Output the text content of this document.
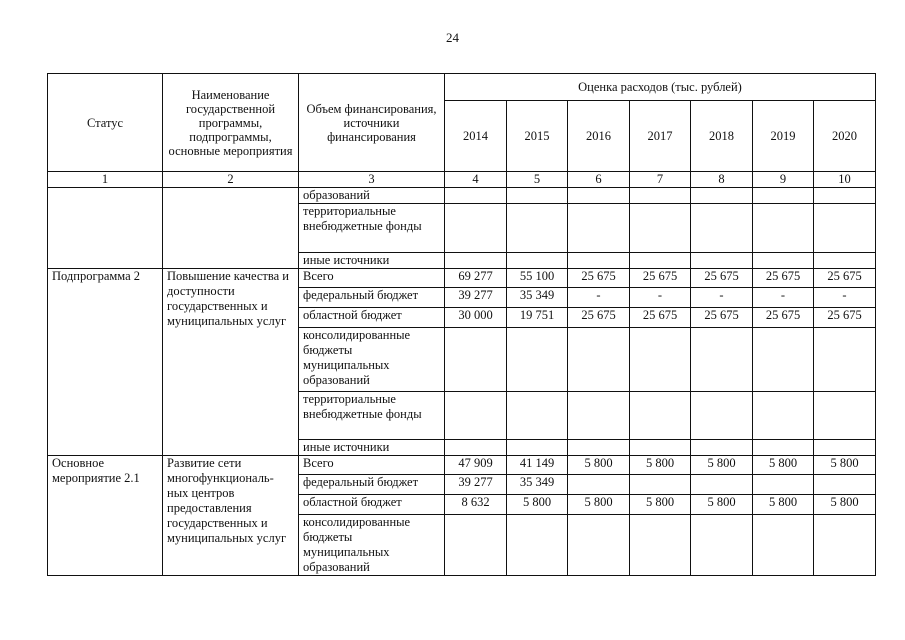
24
Статус	Наименование государственной программы, подпрограммы, основные мероприятия	Объем финансирования, источники финансирования	Оценка расходов (тыс. рублей)						
			2014	2015	2016	2017	2018	2019	2020
1	2	3	4	5	6	7	8	9	10
		образований							
		территориальные внебюджетные фонды							
		иные источники							
Подпрограмма 2	Повышение качества и доступности государственных и муниципальных услуг	Всего	69 277	55 100	25 675	25 675	25 675	25 675	25 675
		федеральный бюджет	39 277	35 349	-	-	-	-	-
		областной бюджет	30 000	19 751	25 675	25 675	25 675	25 675	25 675
		консолидированные бюджеты муниципальных образований							
		территориальные внебюджетные фонды							
		иные источники							
Основное мероприятие 2.1	Развитие сети многофункциональ-ных центров предоставления государственных и муниципальных услуг	Всего	47 909	41 149	5 800	5 800	5 800	5 800	5 800
		федеральный бюджет	39 277	35 349					
		областной бюджет	8 632	5 800	5 800	5 800	5 800	5 800	5 800
		консолидированные бюджеты муниципальных образований							
